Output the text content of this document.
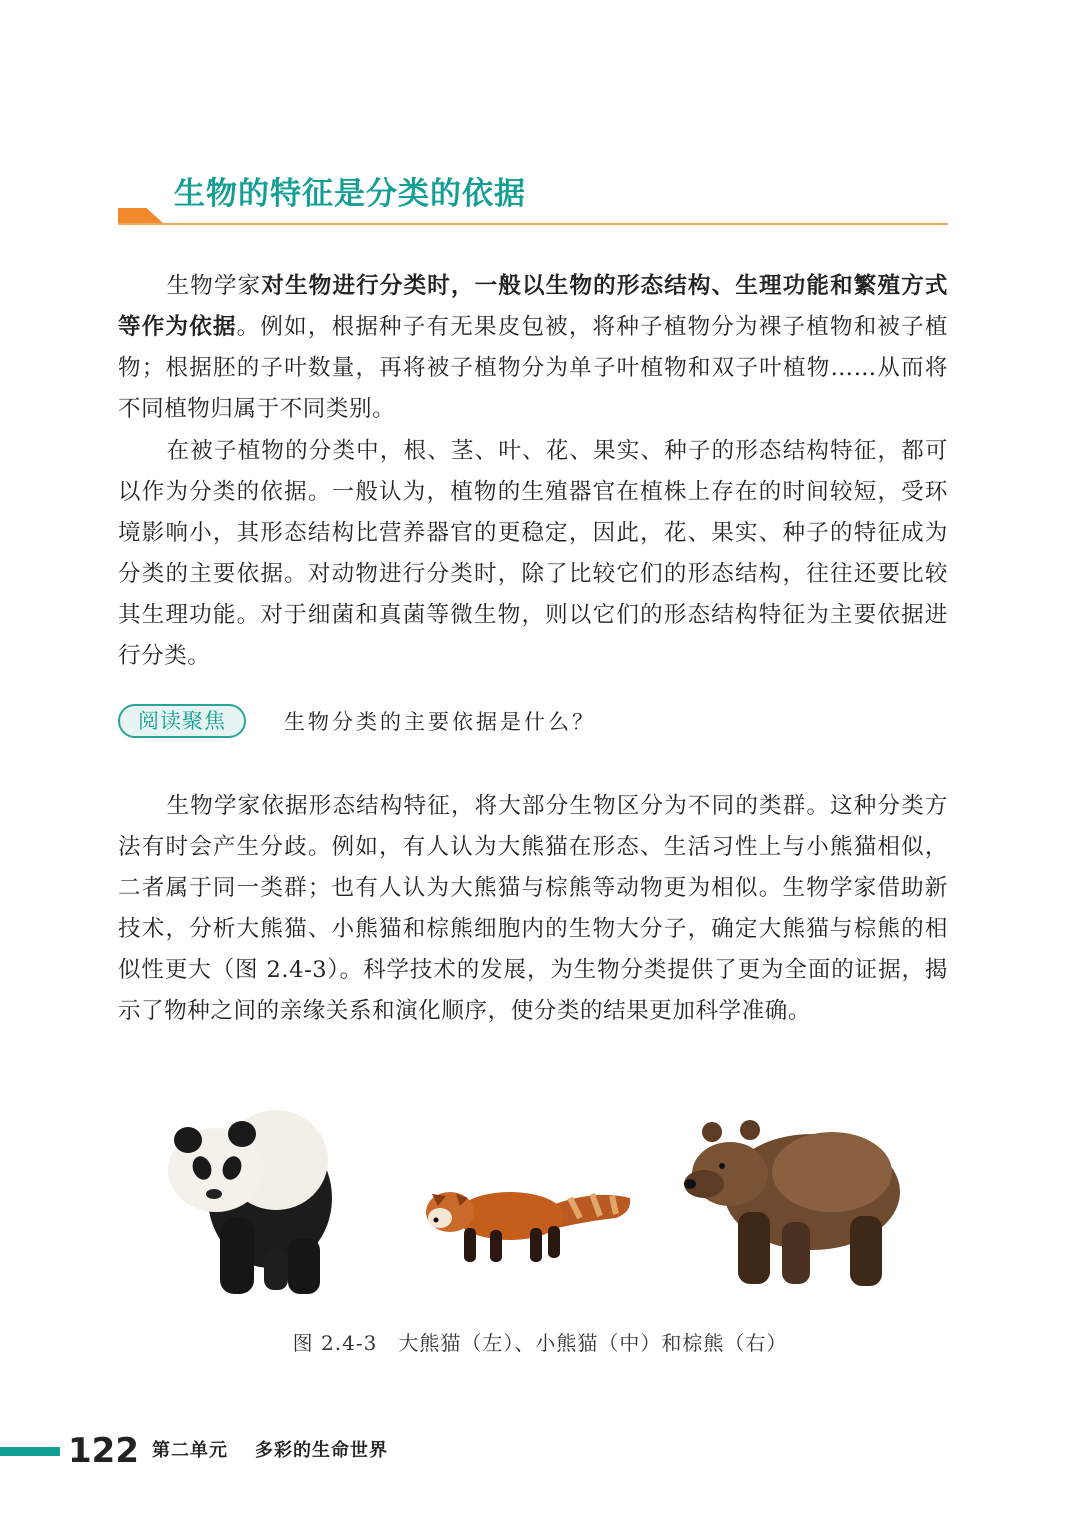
生物的特征是分类的依据

生物学家对生物进行分类时，一般以生物的形态结构、生理功能和繁殖方式等作为依据。例如，根据种子有无果皮包被，将种子植物分为裸子植物和被子植物；根据胚的子叶数量，再将被子植物分为单子叶植物和双子叶植物……从而将不同植物归属于不同类别。

在被子植物的分类中，根、茎、叶、花、果实、种子的形态结构特征，都可以作为分类的依据。一般认为，植物的生殖器官在植株上存在的时间较短，受环境影响小，其形态结构比营养器官的更稳定，因此，花、果实、种子的特征成为分类的主要依据。对动物进行分类时，除了比较它们的形态结构，往往还要比较其生理功能。对于细菌和真菌等微生物，则以它们的形态结构特征为主要依据进行分类。

阅读聚焦	生物分类的主要依据是什么？

生物学家依据形态结构特征，将大部分生物区分为不同的类群。这种分类方法有时会产生分歧。例如，有人认为大熊猫在形态、生活习性上与小熊猫相似，二者属于同一类群；也有人认为大熊猫与棕熊等动物更为相似。生物学家借助新技术，分析大熊猫、小熊猫和棕熊细胞内的生物大分子，确定大熊猫与棕熊的相似性更大（图 2.4-3）。科学技术的发展，为生物分类提供了更为全面的证据，揭示了物种之间的亲缘关系和演化顺序，使分类的结果更加科学准确。

图 2.4-3　大熊猫（左）、小熊猫（中）和棕熊（右）
122 第二单元 多彩的生命世界
